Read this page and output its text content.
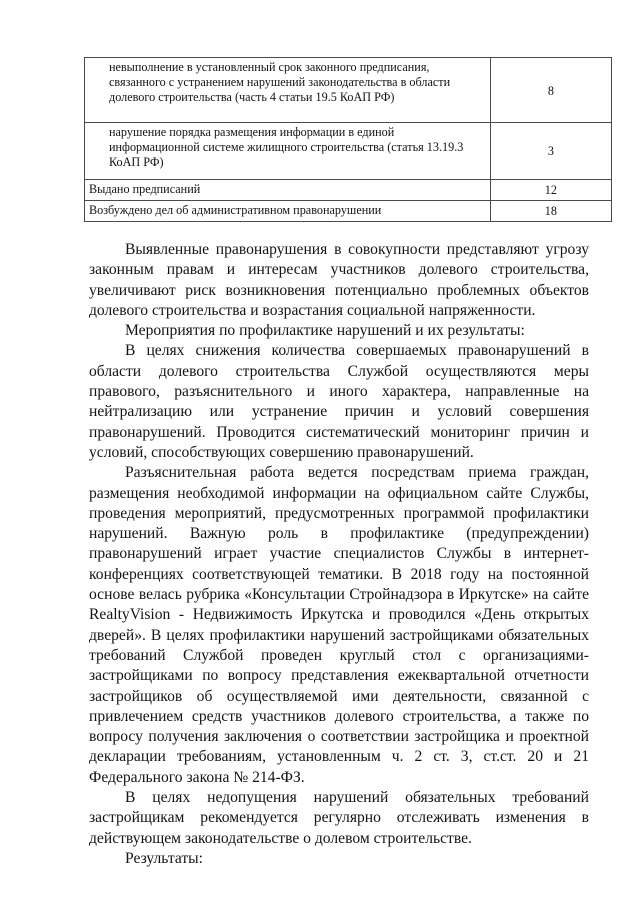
невыполнение в установленный срок законного предписания, связанного с устранением нарушений законодательства в области долевого строительства (часть 4 статьи 19.5 КоАП РФ)	8
нарушение порядка размещения информации в единой информационной системе жилищного строительства (статья 13.19.3 КоАП РФ)	3
Выдано предписаний	12
Возбуждено дел об административном правонарушении	18

Выявленные правонарушения в совокупности представляют угрозу законным правам и интересам участников долевого строительства, увеличивают риск возникновения потенциально проблемных объектов долевого строительства и возрастания социальной напряженности.

Мероприятия по профилактике нарушений и их результаты:

В целях снижения количества совершаемых правонарушений в области долевого строительства Службой осуществляются меры правового, разъяснительного и иного характера, направленные на нейтрализацию или устранение причин и условий совершения правонарушений. Проводится систематический мониторинг причин и условий, способствующих совершению правонарушений.

Разъяснительная работа ведется посредствам приема граждан, размещения необходимой информации на официальном сайте Службы, проведения мероприятий, предусмотренных программой профилактики нарушений. Важную роль в профилактике (предупреждении) правонарушений играет участие специалистов Службы в интернет-конференциях соответствующей тематики. В 2018 году на постоянной основе велась рубрика «Консультации Стройнадзора в Иркутске» на сайте RealtyVision - Недвижимость Иркутска и проводился «День открытых дверей». В целях профилактики нарушений застройщиками обязательных требований Службой проведен круглый стол с организациями-застройщиками по вопросу представления ежеквартальной отчетности застройщиков об осуществляемой ими деятельности, связанной с привлечением средств участников долевого строительства, а также по вопросу получения заключения о соответствии застройщика и проектной декларации требованиям, установленным ч. 2 ст. 3, ст.ст. 20 и 21 Федерального закона № 214-ФЗ.

В целях недопущения нарушений обязательных требований застройщикам рекомендуется регулярно отслеживать изменения в действующем законодательстве о долевом строительстве.

Результаты:
